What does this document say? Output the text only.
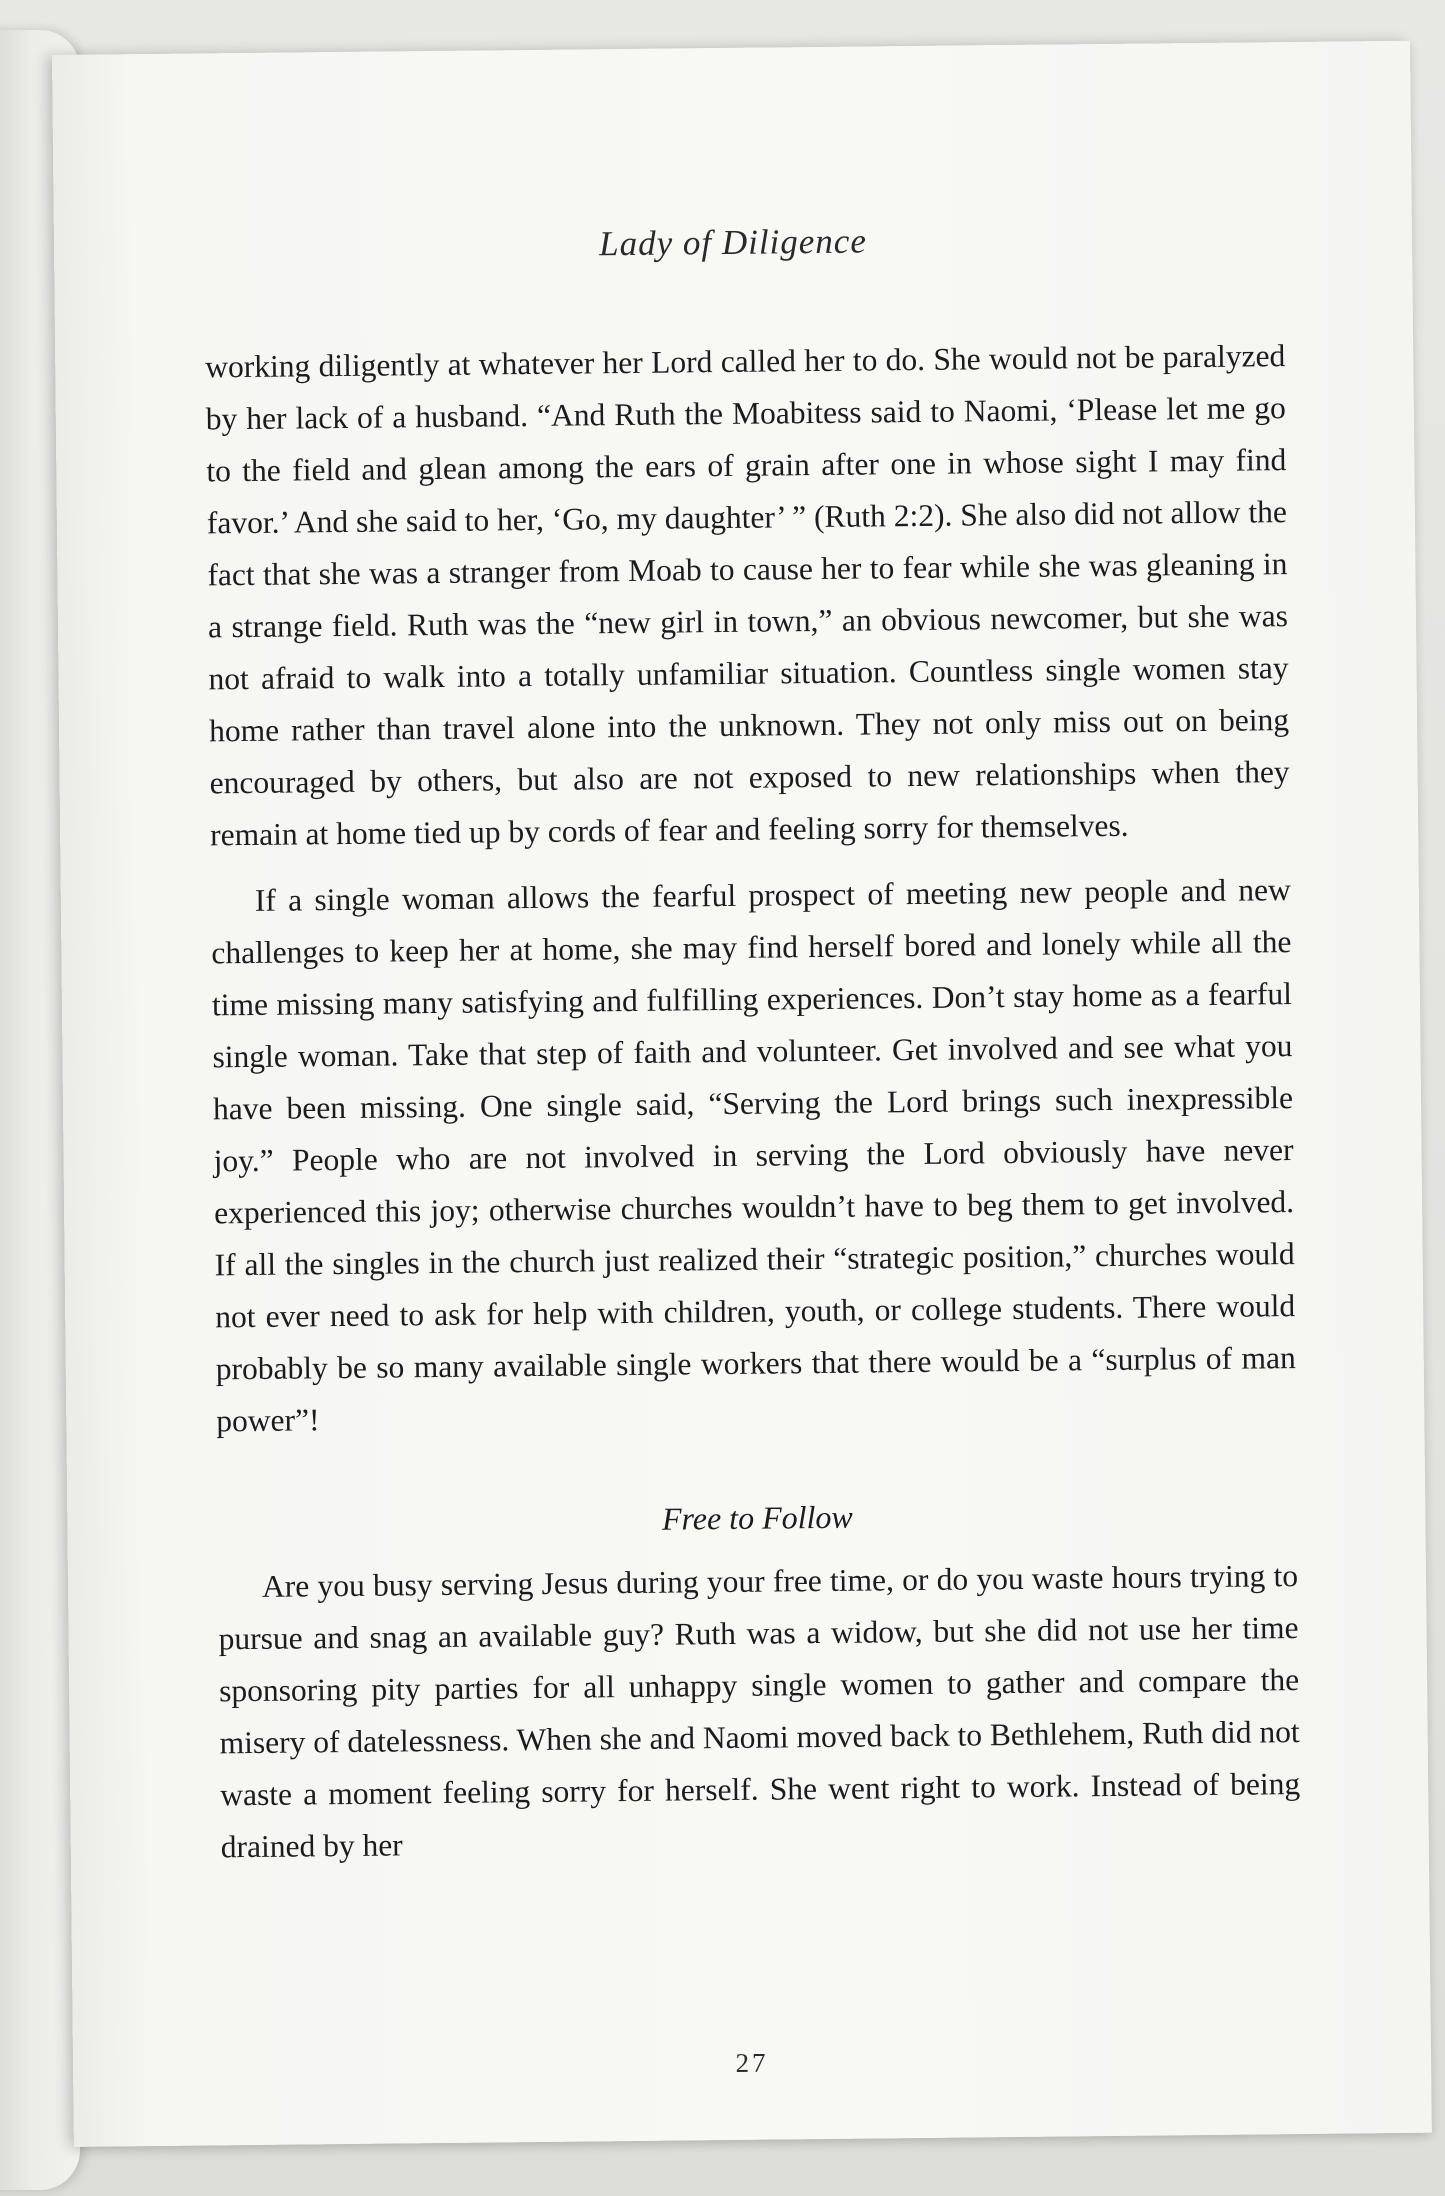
Lady of Diligence

working diligently at whatever her Lord called her to do. She would not be paralyzed by her lack of a husband. “And Ruth the Moabitess said to Naomi, ‘Please let me go to the field and glean among the ears of grain after one in whose sight I may find favor.’ And she said to her, ‘Go, my daughter’ ” (Ruth 2:2). She also did not allow the fact that she was a stranger from Moab to cause her to fear while she was gleaning in a strange field. Ruth was the “new girl in town,” an obvious newcomer, but she was not afraid to walk into a totally unfamiliar situation. Countless single women stay home rather than travel alone into the unknown. They not only miss out on being encouraged by others, but also are not exposed to new relationships when they remain at home tied up by cords of fear and feeling sorry for themselves.

If a single woman allows the fearful prospect of meeting new people and new challenges to keep her at home, she may find herself bored and lonely while all the time missing many satisfying and fulfilling experiences. Don’t stay home as a fearful single woman. Take that step of faith and volunteer. Get involved and see what you have been missing. One single said, “Serving the Lord brings such inexpressible joy.” People who are not involved in serving the Lord obviously have never experienced this joy; otherwise churches wouldn’t have to beg them to get involved. If all the singles in the church just realized their “strategic position,” churches would not ever need to ask for help with children, youth, or college students. There would probably be so many available single workers that there would be a “surplus of man power”!

Free to Follow

Are you busy serving Jesus during your free time, or do you waste hours trying to pursue and snag an available guy? Ruth was a widow, but she did not use her time sponsoring pity parties for all unhappy single women to gather and compare the misery of datelessness. When she and Naomi moved back to Bethlehem, Ruth did not waste a moment feeling sorry for herself. She went right to work. Instead of being drained by her

27
